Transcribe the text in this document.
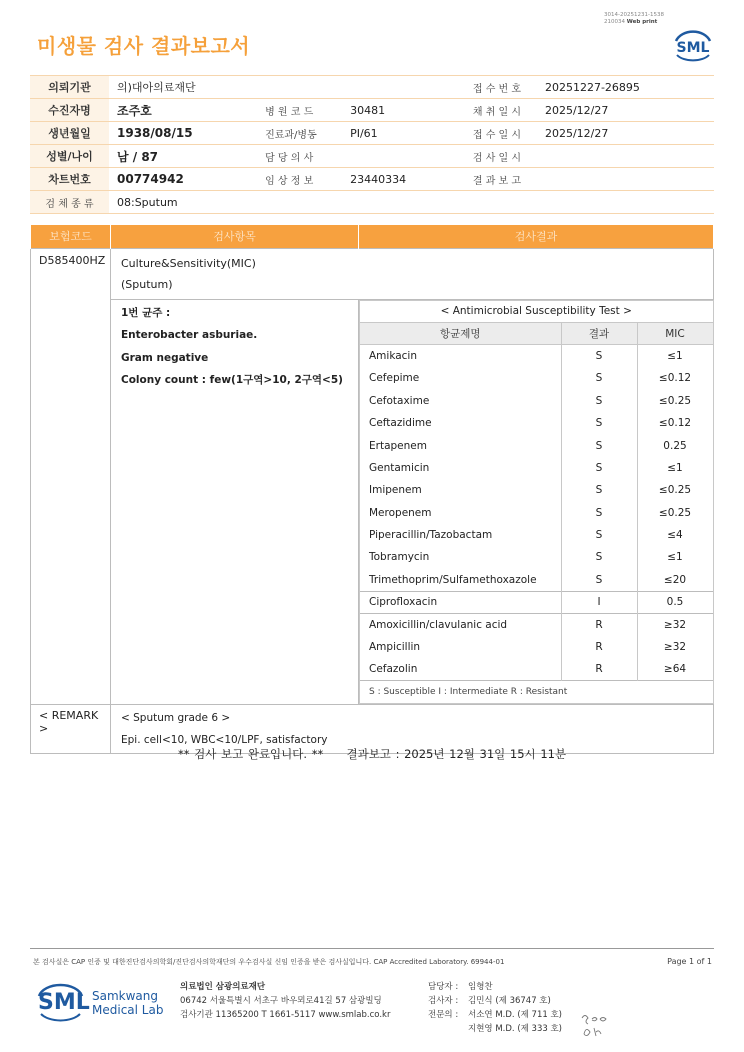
3014-20251231-1538
210034 Web print
미생물 검사 결과보고서	SML
의뢰기관	의)대아의료재단			접 수 번 호	20251227-26895
수진자명	조주호	병 원 코 드	30481	채 취 일 시	2025/12/27
생년월일	1938/08/15	진료과/병동	PI/61	접 수 일 시	2025/12/27
성별/나이	남 / 87	담 당 의 사		검 사 일 시	
차트번호	00774942	임 상 정 보	23440334	결 과 보 고	
검 체 종 류	08:Sputum				
보험코드	검사항목	검사결과
D585400HZ	Culture&Sensitivity(MIC)
(Sputum)

1번 균주 :
Enterobacter asburiae.
Gram negative
Colony count : few(1구역>10, 2구역<5)

< Antimicrobial Susceptibility Test >
항균제명	결과	MIC
Amikacin	S	≤1
Cefepime	S	≤0.12
Cefotaxime	S	≤0.25
Ceftazidime	S	≤0.12
Ertapenem	S	0.25
Gentamicin	S	≤1
Imipenem	S	≤0.25
Meropenem	S	≤0.25
Piperacillin/Tazobactam	S	≤4
Tobramycin	S	≤1
Trimethoprim/Sulfamethoxazole	S	≤20
Ciprofloxacin	I	0.5
Amoxicillin/clavulanic acid	R	≥32
Ampicillin	R	≥32
Cefazolin	R	≥64
S : Susceptible I : Intermediate R : Resistant

< REMARK >	
< Sputum grade 6 >
Epi. cell<10, WBC<10/LPF, satisfactory
** 검사 보고 완료입니다. **     결과보고 : 2025년 12월 31일 15시 11분
본 검사실은 CAP 인증 및 대한진단검사의학회/진단검사의학재단의 우수검사실 신임 인증을 받은 검사실입니다. CAP Accredited Laboratory. 69944-01	Page 1 of 1
SML Samkwang
Medical Lab
의료법인 삼광의료재단
06742 서울특별시 서초구 바우뫼로41길 57 삼광빌딩
검사기관 11365200 T 1661-5117 www.smlab.co.kr
담당자 :	임형찬
검사자 :	김민식 (제 36747 호)
전문의 :	서소연 M.D. (제 711 호)
지현영 M.D. (제 333 호)
